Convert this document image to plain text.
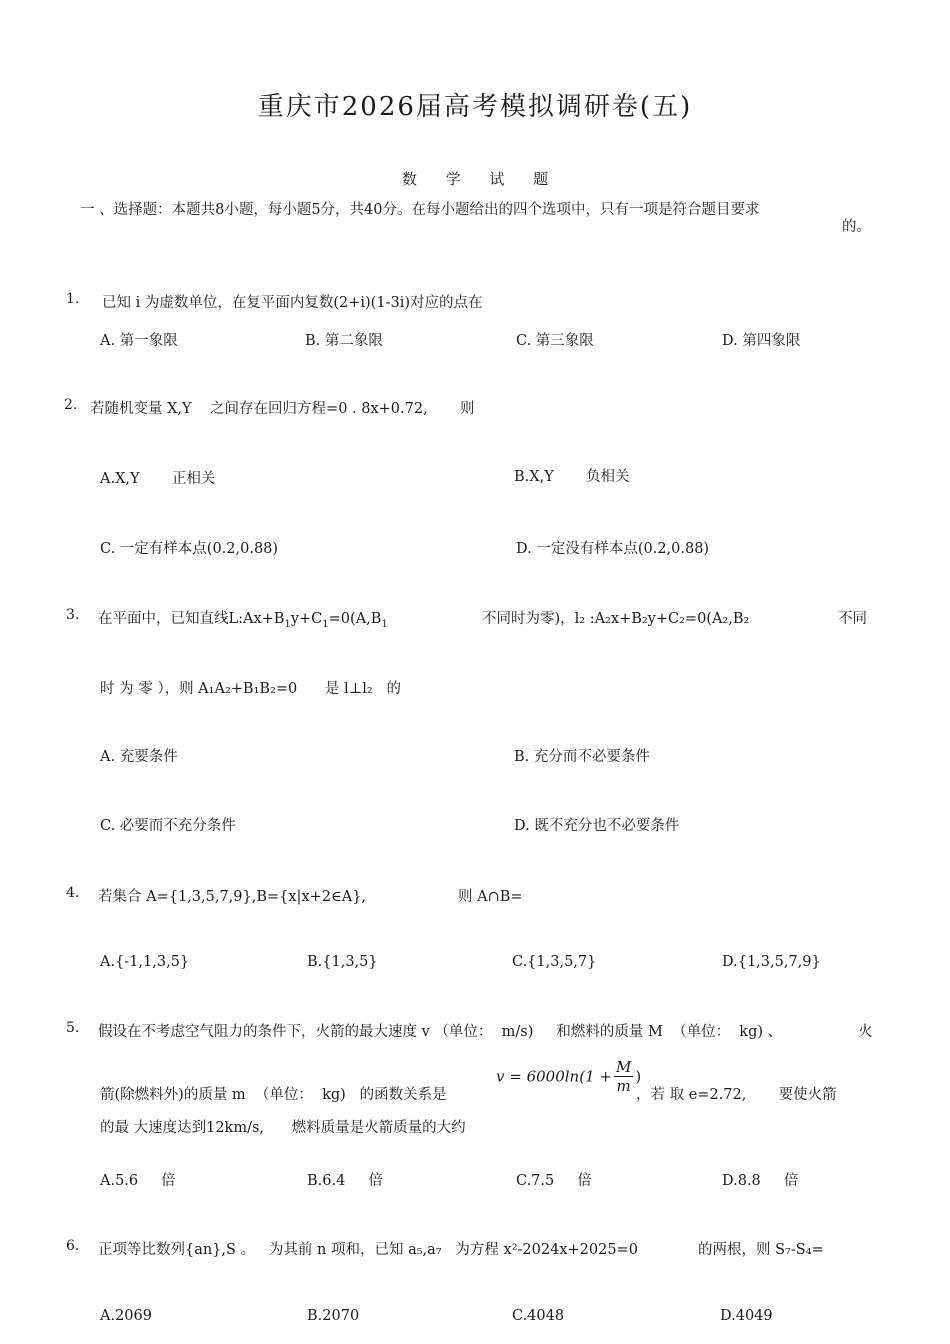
重庆市2026届高考模拟调研卷(五)
数 学 试 题
一 、选择题：本题共8小题，每小题5分，共40分。在每小题给出的四个选项中，只有一项是符合题目要求
的。
1. 已知 i 为虚数单位，在复平面内复数(2+i)(1-3i)对应的点在
A. 第一象限	B. 第二象限	C. 第三象限	D. 第四象限
2. 若随机变量 X,Y    之间存在回归方程=0 . 8x+0.72,       则
A.X,Y       正相关	B.X,Y       负相关
C. 一定有样本点(0.2,0.88)	D. 一定没有样本点(0.2,0.88)
3. 在平面中，已知直线$L:Ax+B_1y+C_1=0(A,B_1$	不同时为零)，l₂ :A₂x+B₂y+C₂=0(A₂,B₂	不同
时 为 零 ），则 A₁A₂+B₁B₂=0      是 l⊥l₂   的
A. 充要条件	B. 充分而不必要条件
C. 必要而不充分条件	D. 既不充分也不必要条件
4. 若集合 A={1,3,5,7,9},B={x|x+2∈A},	则 A∩B=
A.{-1,1,3,5}	B.{1,3,5}	C.{1,3,5,7}	D.{1,3,5,7,9}
5. 假设在不考虑空气阻力的条件下，火箭的最大速度 v （单位：  m/s)     和燃料的质量 M  （单位：  kg) 、	火
箭(除燃料外)的质量 m  （单位：  kg)   的函数关系是
$v = 6000\ln(1 + \frac{M}{m}$ )
，若 取 e=2.72,       要使火箭
的最 大速度达到12km/s,      燃料质量是火箭质量的大约
A.5.6     倍	B.6.4     倍	C.7.5     倍	D.8.8     倍
6. 正项等比数列{an},S 。   为其前 n 项和，已知 a₅,a₇   为方程 x²-2024x+2025=0	的两根，则 S₇-S₄=
A.2069	B.2070	C.4048	D.4049
